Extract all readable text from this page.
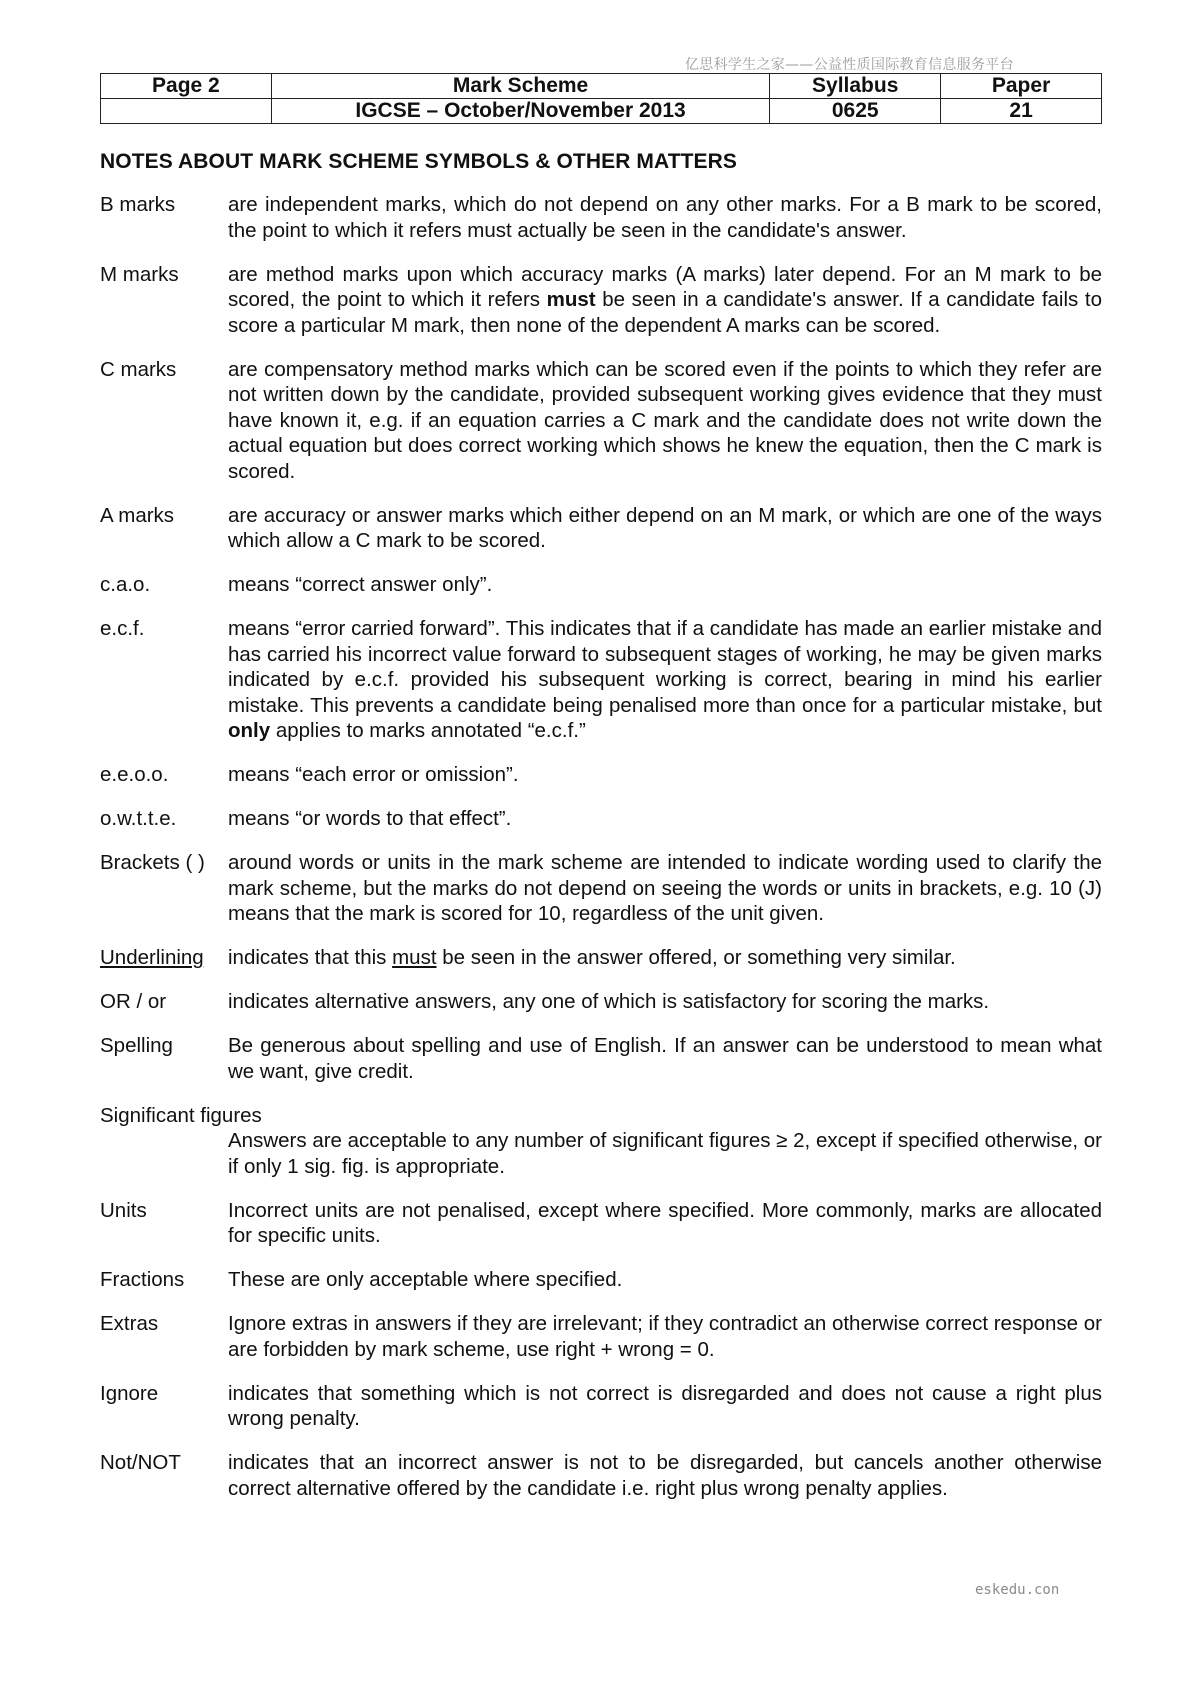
亿思科学生之家——公益性质国际教育信息服务平台
Page 2	Mark Scheme	Syllabus	Paper
	IGCSE – October/November 2013	0625	21
NOTES ABOUT MARK SCHEME SYMBOLS & OTHER MATTERS
B marks	are independent marks, which do not depend on any other marks. For a B mark to be scored, the point to which it refers must actually be seen in the candidate's answer.
M marks	are method marks upon which accuracy marks (A marks) later depend. For an M mark to be scored, the point to which it refers must be seen in a candidate's answer. If a candidate fails to score a particular M mark, then none of the dependent A marks can be scored.
C marks	are compensatory method marks which can be scored even if the points to which they refer are not written down by the candidate, provided subsequent working gives evidence that they must have known it, e.g. if an equation carries a C mark and the candidate does not write down the actual equation but does correct working which shows he knew the equation, then the C mark is scored.
A marks	are accuracy or answer marks which either depend on an M mark, or which are one of the ways which allow a C mark to be scored.
c.a.o.	means “correct answer only”.
e.c.f.	means “error carried forward”. This indicates that if a candidate has made an earlier mistake and has carried his incorrect value forward to subsequent stages of working, he may be given marks indicated by e.c.f. provided his subsequent working is correct, bearing in mind his earlier mistake. This prevents a candidate being penalised more than once for a particular mistake, but only applies to marks annotated “e.c.f.”
e.e.o.o.	means “each error or omission”.
o.w.t.t.e.	means “or words to that effect”.
Brackets ( )	around words or units in the mark scheme are intended to indicate wording used to clarify the mark scheme, but the marks do not depend on seeing the words or units in brackets, e.g. 10 (J) means that the mark is scored for 10, regardless of the unit given.
Underlining	indicates that this must be seen in the answer offered, or something very similar.
OR / or	indicates alternative answers, any one of which is satisfactory for scoring the marks.
Spelling	Be generous about spelling and use of English. If an answer can be understood to mean what we want, give credit.
Significant figures
Answers are acceptable to any number of significant figures ≥ 2, except if specified otherwise, or if only 1 sig. fig. is appropriate.
Units	Incorrect units are not penalised, except where specified. More commonly, marks are allocated for specific units.
Fractions	These are only acceptable where specified.
Extras	Ignore extras in answers if they are irrelevant; if they contradict an otherwise correct response or are forbidden by mark scheme, use right + wrong = 0.
Ignore	indicates that something which is not correct is disregarded and does not cause a right plus wrong penalty.
Not/NOT	indicates that an incorrect answer is not to be disregarded, but cancels another otherwise correct alternative offered by the candidate i.e. right plus wrong penalty applies.
eskedu.con
